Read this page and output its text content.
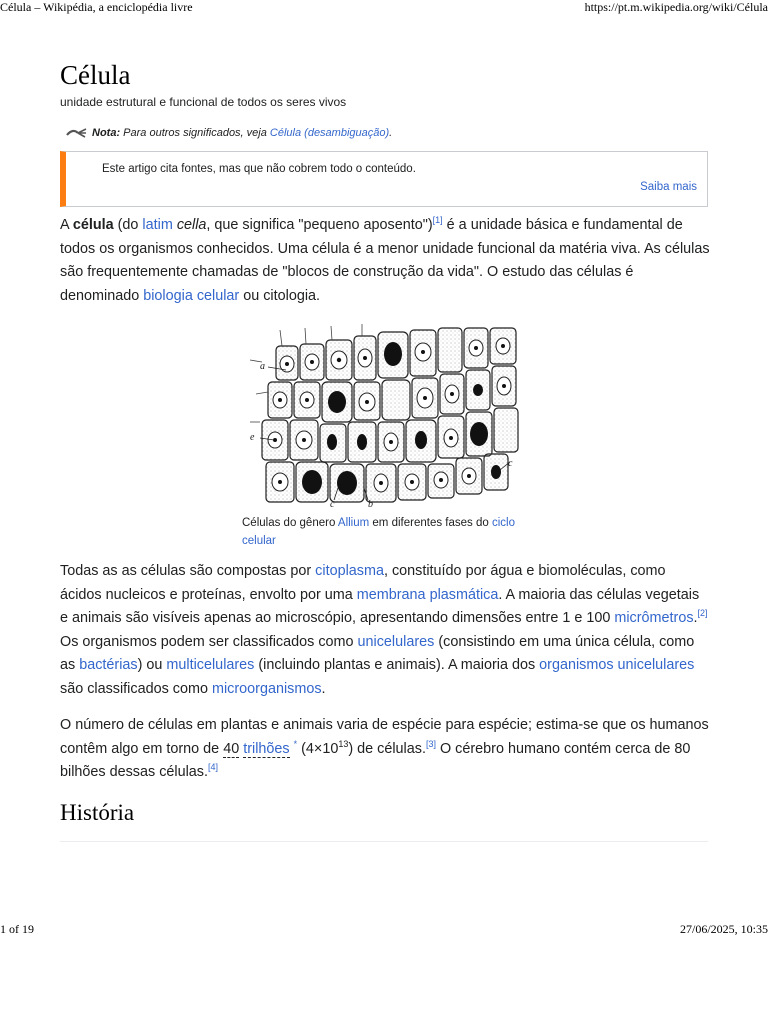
Célula – Wikipédia, a enciclopédia livre	https://pt.m.wikipedia.org/wiki/Célula
Célula
unidade estrutural e funcional de todos os seres vivos
Nota: Para outros significados, veja Célula (desambiguação).
Este artigo cita fontes, mas que não cobrem todo o conteúdo.
Saiba mais

A célula (do latim cella, que significa "pequeno aposento")[1] é a unidade básica e fundamental de todos os organismos conhecidos. Uma célula é a menor unidade funcional da matéria viva. As células são frequentemente chamadas de "blocos de construção da vida". O estudo das células é denominado biologia celular ou citologia.

a
e
c	b
c
Células do gênero Allium em diferentes fases do ciclo celular

Todas as as células são compostas por citoplasma, constituído por água e biomoléculas, como ácidos nucleicos e proteínas, envolto por uma membrana plasmática. A maioria das células vegetais e animais são visíveis apenas ao microscópio, apresentando dimensões entre 1 e 100 micrômetros.[2] Os organismos podem ser classificados como unicelulares (consistindo em uma única célula, como as bactérias) ou multicelulares (incluindo plantas e animais). A maioria dos organismos unicelulares são classificados como microorganismos.

O número de células em plantas e animais varia de espécie para espécie; estima-se que os humanos contêm algo em torno de 40 trilhões * $(4\times 10^{13})$ de células.[3] O cérebro humano contém cerca de 80 bilhões dessas células.[4]

História
1 of 19	27/06/2025, 10:35
